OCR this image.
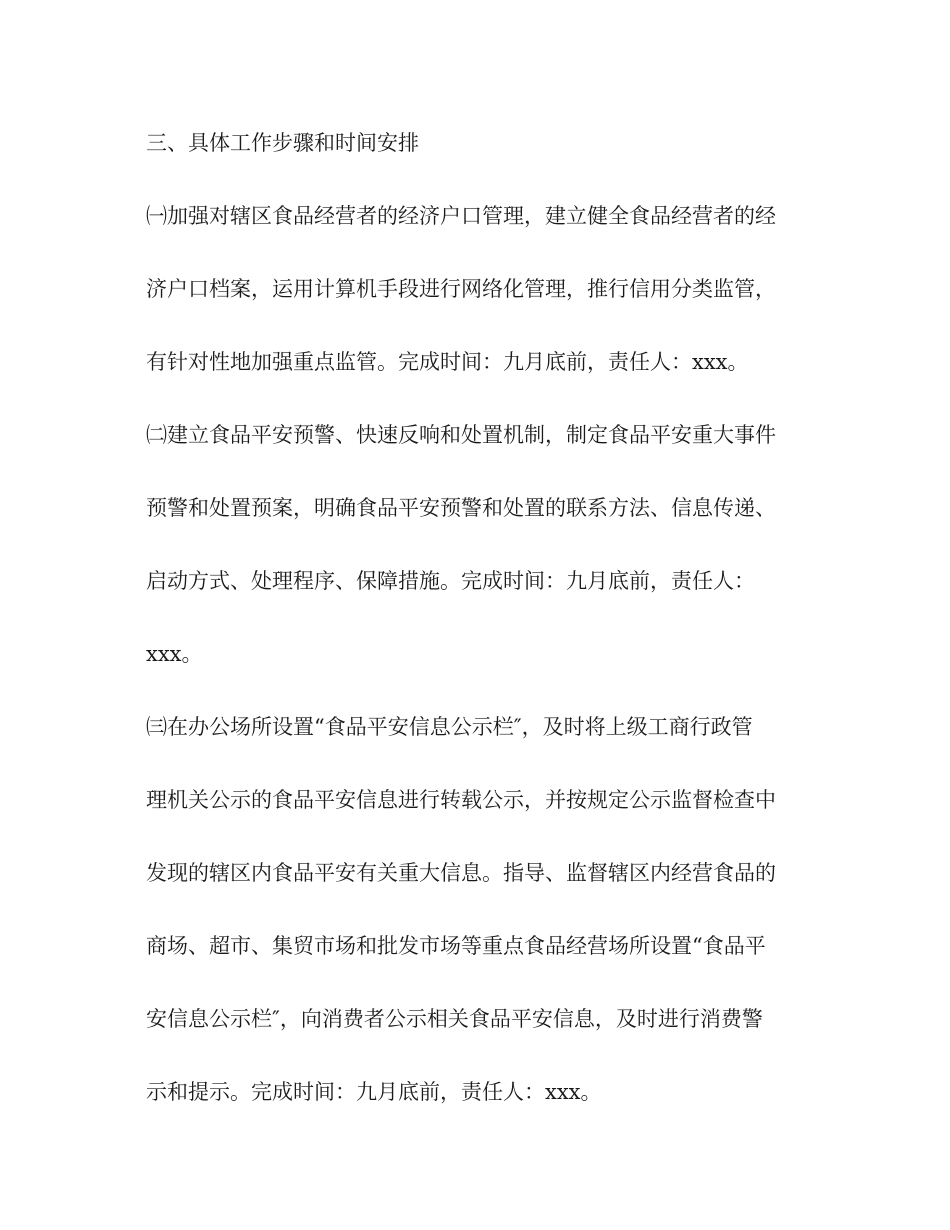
三、具体工作步骤和时间安排
㈠加强对辖区食品经营者的经济户口管理，建立健全食品经营者的经
济户口档案，运用计算机手段进行网络化管理，推行信用分类监管，
有针对性地加强重点监管。完成时间：九月底前，责任人：xxx。
㈡建立食品平安预警、快速反响和处置机制，制定食品平安重大事件
预警和处置预案，明确食品平安预警和处置的联系方法、信息传递、
启动方式、处理程序、保障措施。完成时间：九月底前，责任人：
xxx。
㈢在办公场所设置“食品平安信息公示栏″，及时将上级工商行政管
理机关公示的食品平安信息进行转载公示，并按规定公示监督检查中
发现的辖区内食品平安有关重大信息。指导、监督辖区内经营食品的
商场、超市、集贸市场和批发市场等重点食品经营场所设置“食品平
安信息公示栏″，向消费者公示相关食品平安信息，及时进行消费警
示和提示。完成时间：九月底前，责任人：xxx。
